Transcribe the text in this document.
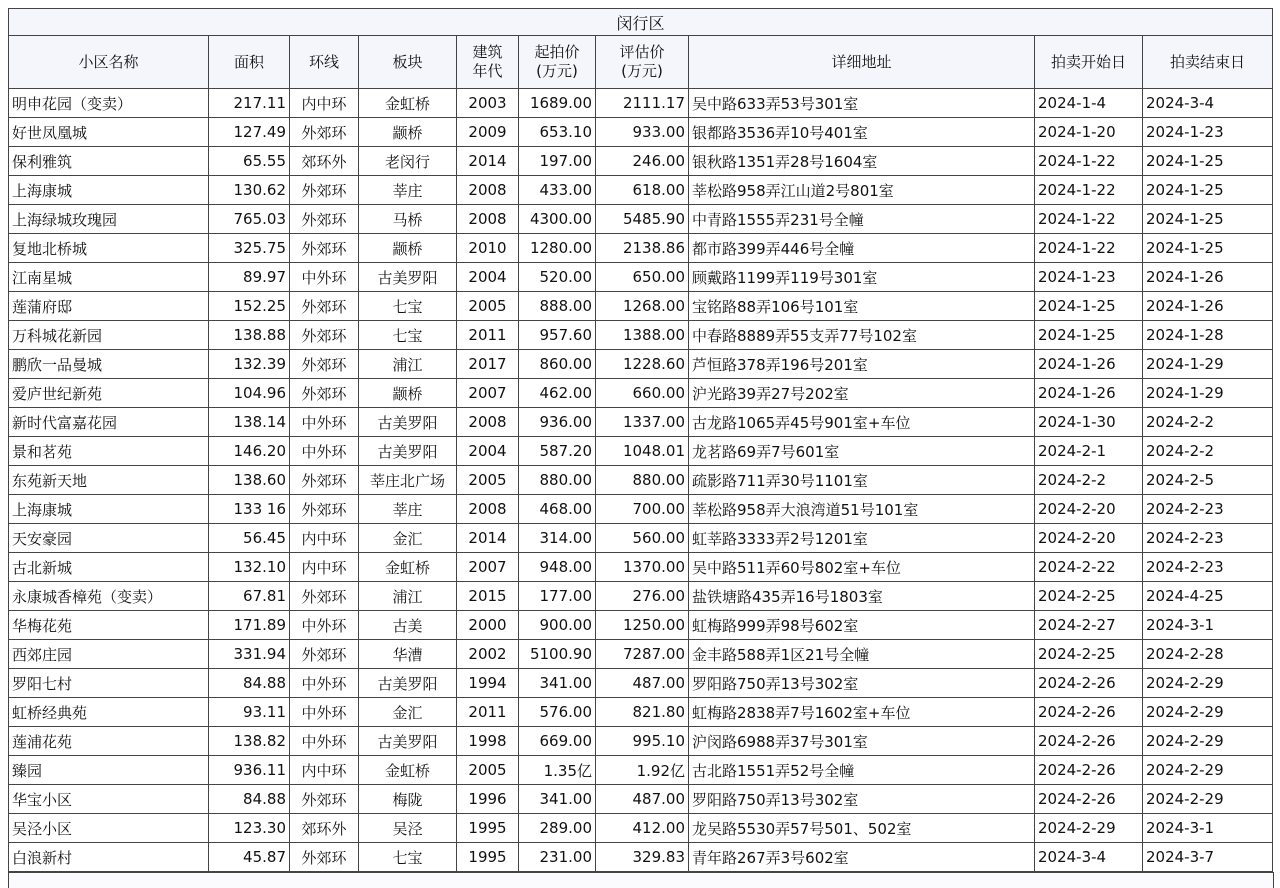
闵行区									
小区名称	面积	环线	板块	建筑年代	起拍价(万元)	评估价(万元)	详细地址	拍卖开始日	拍卖结束日
明申花园（变卖）	217.11	内中环	金虹桥	2003	1689.00	2111.17	吴中路633弄53号301室	2024-1-4	2024-3-4
好世凤凰城	127.49	外郊环	颛桥	2009	653.10	933.00	银都路3536弄10号401室	2024-1-20	2024-1-23
保利雅筑	65.55	郊环外	老闵行	2014	197.00	246.00	银秋路1351弄28号1604室	2024-1-22	2024-1-25
上海康城	130.62	外郊环	莘庄	2008	433.00	618.00	莘松路958弄江山道2号801室	2024-1-22	2024-1-25
上海绿城玫瑰园	765.03	外郊环	马桥	2008	4300.00	5485.90	中青路1555弄231号全幢	2024-1-22	2024-1-25
复地北桥城	325.75	外郊环	颛桥	2010	1280.00	2138.86	都市路399弄446号全幢	2024-1-22	2024-1-25
江南星城	89.97	中外环	古美罗阳	2004	520.00	650.00	顾戴路1199弄119号301室	2024-1-23	2024-1-26
莲蒲府邸	152.25	外郊环	七宝	2005	888.00	1268.00	宝铭路88弄106号101室	2024-1-25	2024-1-26
万科城花新园	138.88	外郊环	七宝	2011	957.60	1388.00	中春路8889弄55支弄77号102室	2024-1-25	2024-1-28
鹏欣一品曼城	132.39	外郊环	浦江	2017	860.00	1228.60	芦恒路378弄196号201室	2024-1-26	2024-1-29
爱庐世纪新苑	104.96	外郊环	颛桥	2007	462.00	660.00	沪光路39弄27号202室	2024-1-26	2024-1-29
新时代富嘉花园	138.14	中外环	古美罗阳	2008	936.00	1337.00	古龙路1065弄45号901室+车位	2024-1-30	2024-2-2
景和茗苑	146.20	中外环	古美罗阳	2004	587.20	1048.01	龙茗路69弄7号601室	2024-2-1	2024-2-2
东苑新天地	138.60	外郊环	莘庄北广场	2005	880.00	880.00	疏影路711弄30号1101室	2024-2-2	2024-2-5
上海康城	133 16	外郊环	莘庄	2008	468.00	700.00	莘松路958弄大浪湾道51号101室	2024-2-20	2024-2-23
天安豪园	56.45	内中环	金汇	2014	314.00	560.00	虹莘路3333弄2号1201室	2024-2-20	2024-2-23
古北新城	132.10	内中环	金虹桥	2007	948.00	1370.00	吴中路511弄60号802室+车位	2024-2-22	2024-2-23
永康城香樟苑（变卖）	67.81	外郊环	浦江	2015	177.00	276.00	盐铁塘路435弄16号1803室	2024-2-25	2024-4-25
华梅花苑	171.89	中外环	古美	2000	900.00	1250.00	虹梅路999弄98号602室	2024-2-27	2024-3-1
西郊庄园	331.94	外郊环	华漕	2002	5100.90	7287.00	金丰路588弄1区21号全幢	2024-2-25	2024-2-28
罗阳七村	84.88	中外环	古美罗阳	1994	341.00	487.00	罗阳路750弄13号302室	2024-2-26	2024-2-29
虹桥经典苑	93.11	中外环	金汇	2011	576.00	821.80	虹梅路2838弄7号1602室+车位	2024-2-26	2024-2-29
莲浦花苑	138.82	中外环	古美罗阳	1998	669.00	995.10	沪闵路6988弄37号301室	2024-2-26	2024-2-29
臻园	936.11	内中环	金虹桥	2005	1.35亿	1.92亿	古北路1551弄52号全幢	2024-2-26	2024-2-29
华宝小区	84.88	外郊环	梅陇	1996	341.00	487.00	罗阳路750弄13号302室	2024-2-26	2024-2-29
吴泾小区	123.30	郊环外	吴泾	1995	289.00	412.00	龙吴路5530弄57号501、502室	2024-2-29	2024-3-1
白浪新村	45.87	外郊环	七宝	1995	231.00	329.83	青年路267弄3号602室	2024-3-4	2024-3-7
